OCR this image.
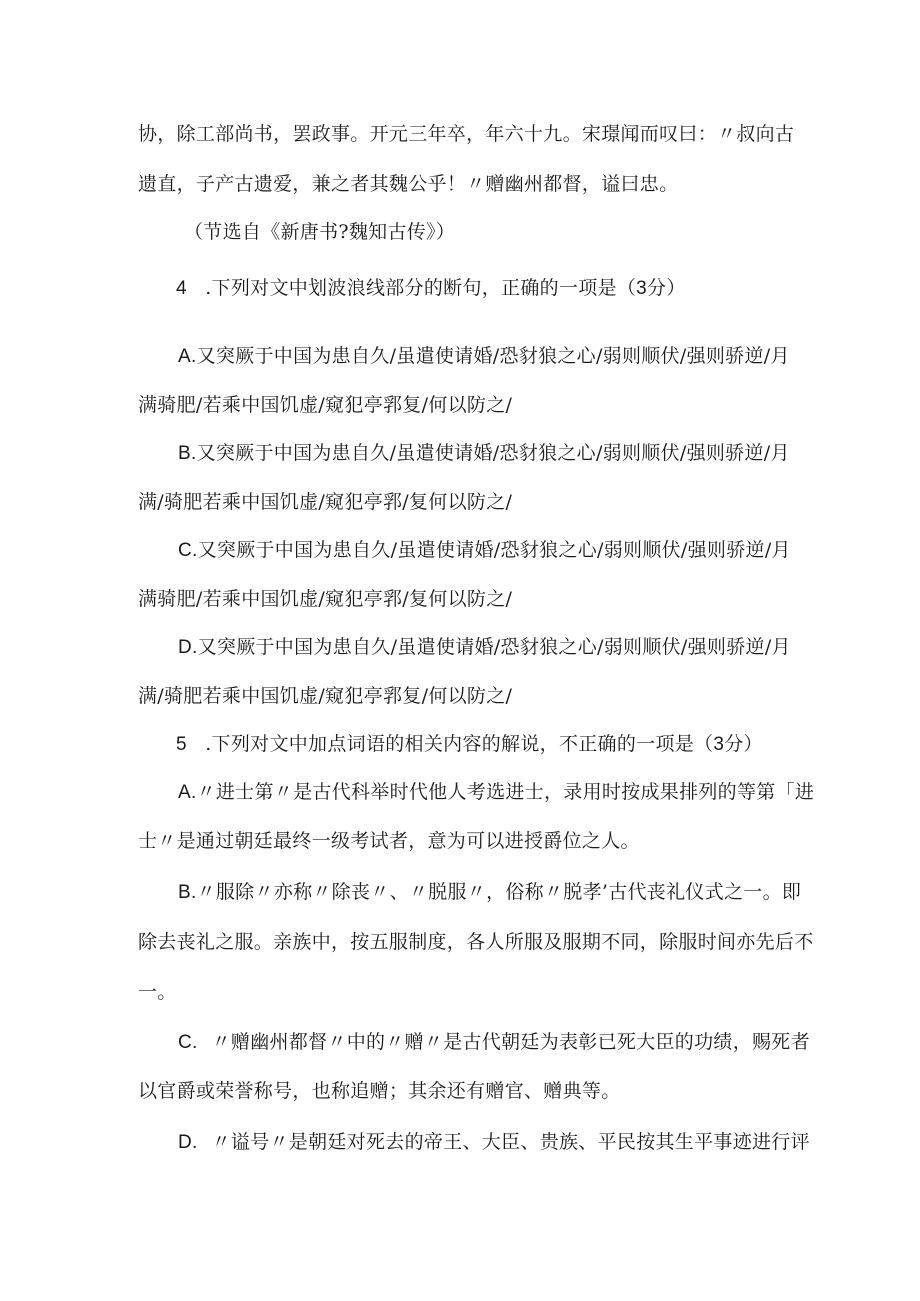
协，除工部尚书，罢政事。开元三年卒，年六十九。宋璟闻而叹曰：〃叔向古
遗直，子产古遗爱，兼之者其魏公乎！〃赠幽州都督，谥曰忠。
（节选自《新唐书?魏知古传》）
4 .下列对文中划波浪线部分的断句，正确的一项是（3分）
A.又突厥于中国为患自久/虽遣使请婚/恐豺狼之心/弱则顺伏/强则骄逆/月
满骑肥/若乘中国饥虚/窥犯亭郛复/何以防之/
B.又突厥于中国为患自久/虽遣使请婚/恐豺狼之心/弱则顺伏/强则骄逆/月
满/骑肥若乘中国饥虚/窥犯亭郛/复何以防之/
C.又突厥于中国为患自久/虽遣使请婚/恐豺狼之心/弱则顺伏/强则骄逆/月
满骑肥/若乘中国饥虚/窥犯亭郛/复何以防之/
D.又突厥于中国为患自久/虽遣使请婚/恐豺狼之心/弱则顺伏/强则骄逆/月
满/骑肥若乘中国饥虚/窥犯亭郛复/何以防之/
5 .下列对文中加点词语的相关内容的解说，不正确的一项是（3分）
A.〃进士第〃是古代科举时代他人考选进士，录用时按成果排列的等第「进
士〃是通过朝廷最终一级考试者，意为可以进授爵位之人。
B.〃服除〃亦称〃除丧〃、〃脱服〃，俗称〃脱孝’古代丧礼仪式之一。即
除去丧礼之服。亲族中，按五服制度，各人所服及服期不同，除服时间亦先后不
一。
C. 〃赠幽州都督〃中的〃赠〃是古代朝廷为表彰已死大臣的功绩，赐死者
以官爵或荣誉称号，也称追赠；其余还有赠官、赠典等。
D. 〃谥号〃是朝廷对死去的帝王、大臣、贵族、平民按其生平事迹进行评
